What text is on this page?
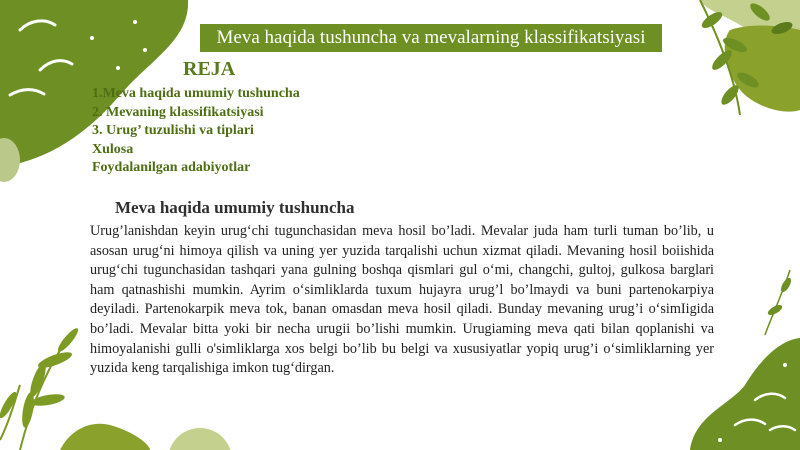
Meva haqida tushuncha va mevalarning klassifikatsiyasi
REJA
1.Meva haqida umumiy tushuncha
2. Mevaning klassifikatsiyasi
3. Urug’ tuzulishi va tiplari
Xulosa
Foydalanilgan adabiyotlar
Meva haqida umumiy tushuncha

Urug’lanishdan keyin urug‘chi tugunchasidan meva hosil bo’ladi. Mevalar juda ham turli tuman bo’lib, u asosan urug‘ni himoya qilish va uning yer yuzida tarqalishi uchun xizmat qiladi. Mevaning hosil boiishida urug‘chi tugunchasidan tashqari yana gulning boshqa qismlari gul o‘mi, changchi, gultoj, gulkosa barglari ham qatnashishi mumkin. Ayrim o‘simliklarda tuxum hujayra urug’l bo’lmaydi va buni partenokarpiya deyiladi. Partenokarpik meva tok, banan omasdan meva hosil qiladi. Bunday mevaning urug’i o‘simIigida bo’ladi. Mevalar bitta yoki bir necha urugii bo’lishi mumkin. Urugiaming meva qati bilan qoplanishi va himoyalanishi gulli o'simliklarga xos belgi bo’lib bu belgi va xususiyatlar yopiq urug’i o‘simliklarning yer yuzida keng tarqalishiga imkon tug‘dirgan.
